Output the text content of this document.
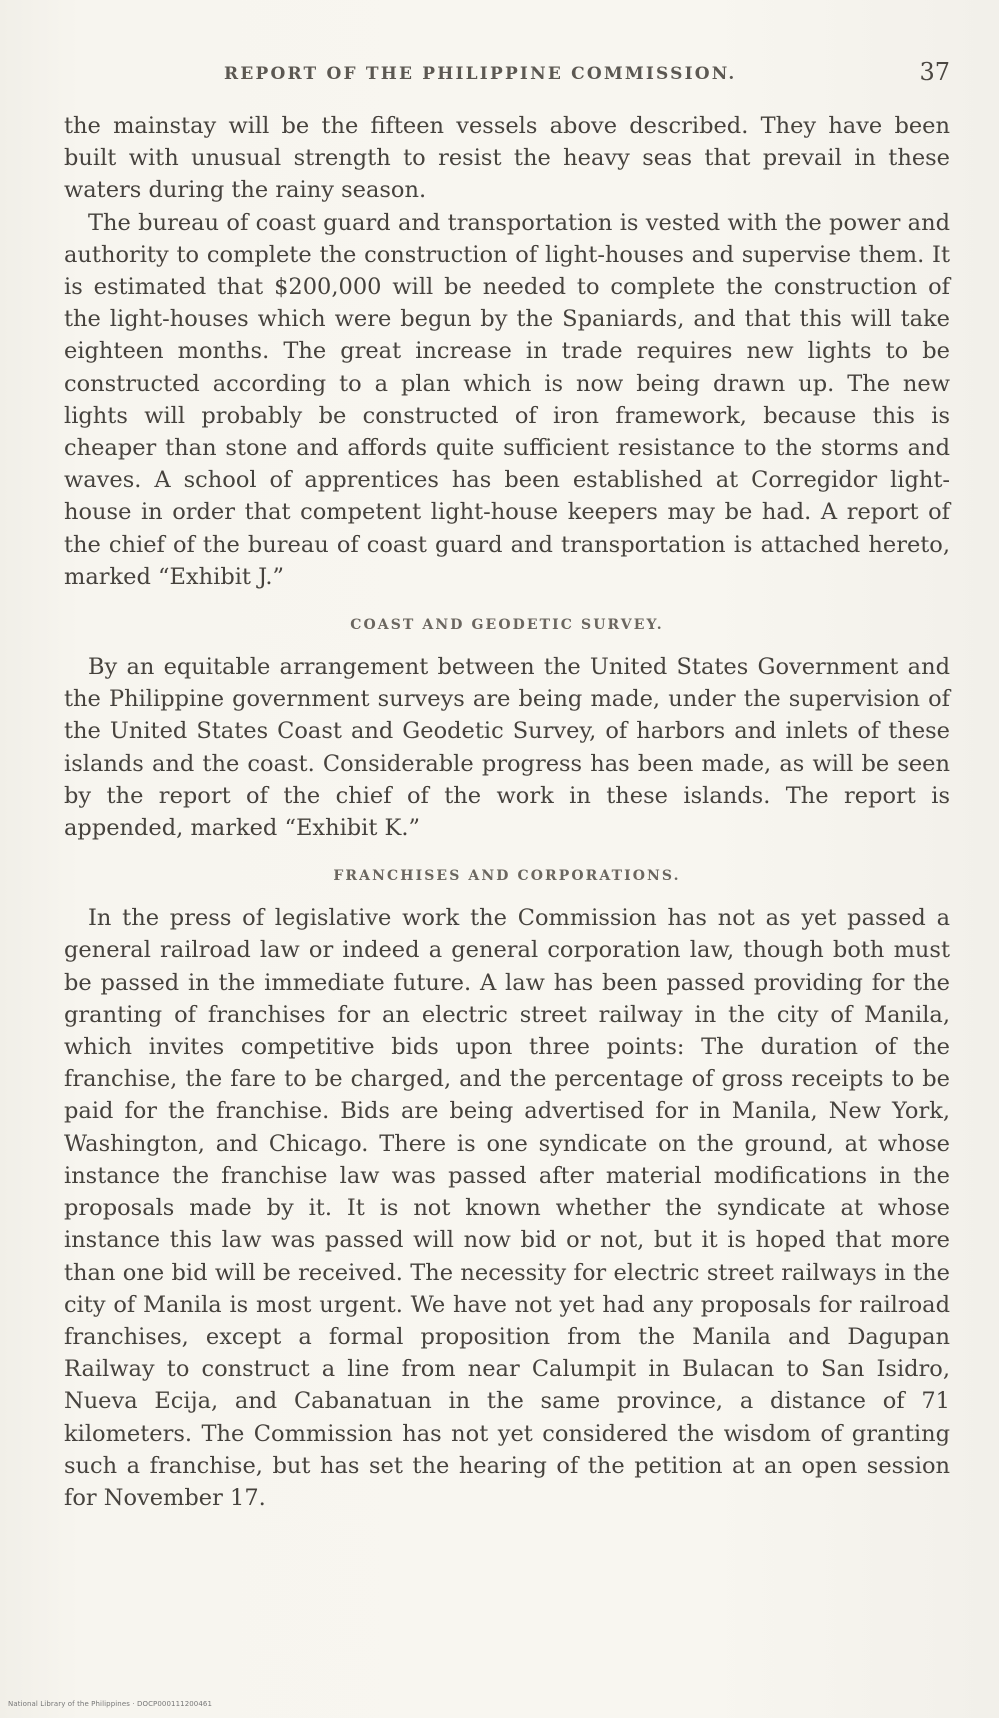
REPORT OF THE PHILIPPINE COMMISSION.	37

the mainstay will be the fifteen vessels above described. They have been built with unusual strength to resist the heavy seas that prevail in these waters during the rainy season.

The bureau of coast guard and transportation is vested with the power and authority to complete the construction of light-houses and supervise them. It is estimated that $200,000 will be needed to complete the construction of the light-houses which were begun by the Spaniards, and that this will take eighteen months. The great increase in trade requires new lights to be constructed according to a plan which is now being drawn up. The new lights will probably be constructed of iron framework, because this is cheaper than stone and affords quite sufficient resistance to the storms and waves. A school of apprentices has been established at Corregidor light-house in order that competent light-house keepers may be had. A report of the chief of the bureau of coast guard and transportation is attached hereto, marked “Exhibit J.”

COAST AND GEODETIC SURVEY.

By an equitable arrangement between the United States Government and the Philippine government surveys are being made, under the supervision of the United States Coast and Geodetic Survey, of harbors and inlets of these islands and the coast. Considerable progress has been made, as will be seen by the report of the chief of the work in these islands. The report is appended, marked “Exhibit K.”

FRANCHISES AND CORPORATIONS.

In the press of legislative work the Commission has not as yet passed a general railroad law or indeed a general corporation law, though both must be passed in the immediate future. A law has been passed providing for the granting of franchises for an electric street railway in the city of Manila, which invites competitive bids upon three points: The duration of the franchise, the fare to be charged, and the percentage of gross receipts to be paid for the franchise. Bids are being advertised for in Manila, New York, Washington, and Chicago. There is one syndicate on the ground, at whose instance the franchise law was passed after material modifications in the proposals made by it. It is not known whether the syndicate at whose instance this law was passed will now bid or not, but it is hoped that more than one bid will be received. The necessity for electric street railways in the city of Manila is most urgent. We have not yet had any proposals for railroad franchises, except a formal proposition from the Manila and Dagupan Railway to construct a line from near Calumpit in Bulacan to San Isidro, Nueva Ecija, and Cabanatuan in the same province, a distance of 71 kilometers. The Commission has not yet considered the wisdom of granting such a franchise, but has set the hearing of the petition at an open session for November 17.

National Library of the Philippines · DOCP000111200461
